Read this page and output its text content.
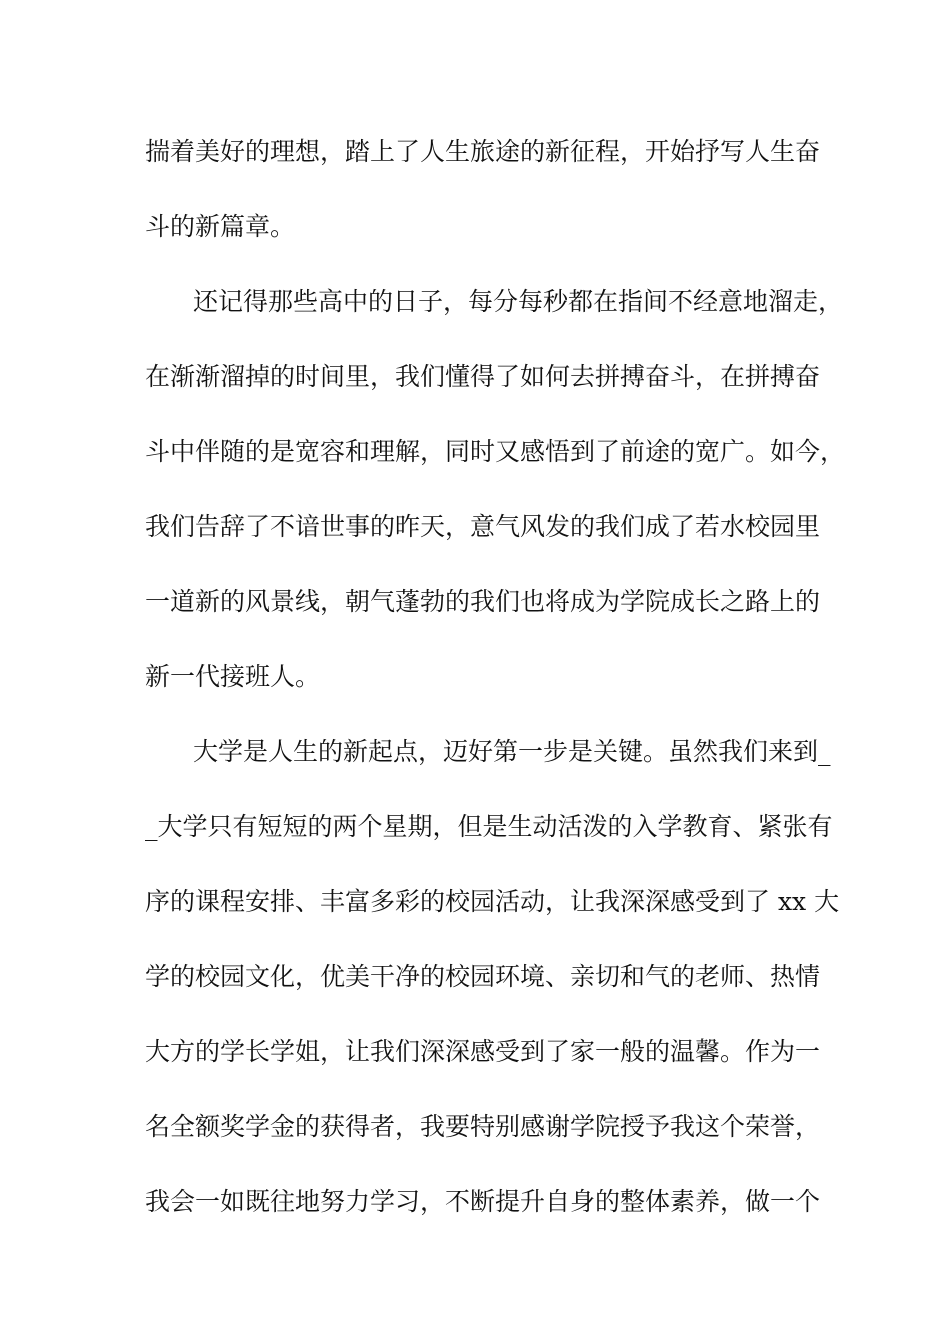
揣着美好的理想，踏上了人生旅途的新征程，开始抒写人生奋
斗的新篇章。
还记得那些高中的日子，每分每秒都在指间不经意地溜走，
在渐渐溜掉的时间里，我们懂得了如何去拼搏奋斗，在拼搏奋
斗中伴随的是宽容和理解，同时又感悟到了前途的宽广。如今，
我们告辞了不谙世事的昨天，意气风发的我们成了若水校园里
一道新的风景线，朝气蓬勃的我们也将成为学院成长之路上的
新一代接班人。
大学是人生的新起点，迈好第一步是关键。虽然我们来到_
_大学只有短短的两个星期，但是生动活泼的入学教育、紧张有
序的课程安排、丰富多彩的校园活动，让我深深感受到了 xx 大
学的校园文化，优美干净的校园环境、亲切和气的老师、热情
大方的学长学姐，让我们深深感受到了家一般的温馨。作为一
名全额奖学金的获得者，我要特别感谢学院授予我这个荣誉，
我会一如既往地努力学习，不断提升自身的整体素养，做一个
